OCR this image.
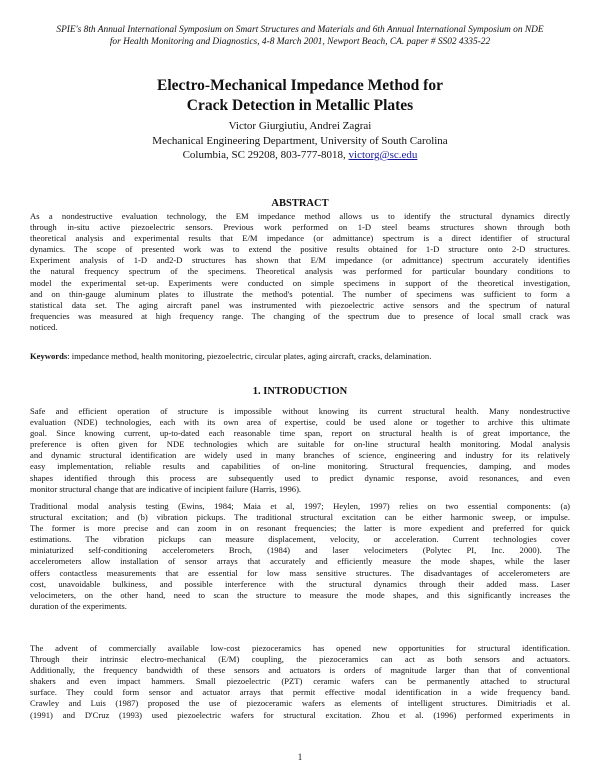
SPIE's 8th Annual International Symposium on Smart Structures and Materials and 6th Annual International Symposium on NDE
for Health Monitoring and Diagnostics, 4-8 March 2001, Newport Beach, CA. paper # SS02 4335-22
Electro-Mechanical Impedance Method for
Crack Detection in Metallic Plates
Victor Giurgiutiu, Andrei Zagrai
Mechanical Engineering Department, University of South Carolina
Columbia, SC 29208, 803-777-8018, victorg@sc.edu
ABSTRACT
As a nondestructive evaluation technology, the EM impedance method allows us to identify the structural dynamics directly
through in-situ active piezoelectric sensors. Previous work performed on 1-D steel beams structures shown through both
theoretical analysis and experimental results that E/M impedance (or admittance) spectrum is a direct identifier of structural
dynamics. The scope of presented work was to extend the positive results obtained for 1-D structure onto 2-D structures.
Experiment analysis of 1-D and2-D structures has shown that E/M impedance (or admittance) spectrum accurately identifies
the natural frequency spectrum of the specimens. Theoretical analysis was performed for particular boundary conditions to
model the experimental set-up. Experiments were conducted on simple specimens in support of the theoretical investigation,
and on thin-gauge aluminum plates to illustrate the method's potential. The number of specimens was sufficient to form a
statistical data set. The aging aircraft panel was instrumented with piezoelectric active sensors and the spectrum of natural
frequencies was measured at high frequency range. The changing of the spectrum due to presence of local small crack was
noticed.
Keywords: impedance method, health monitoring, piezoelectric, circular plates, aging aircraft, cracks, delamination.
1. INTRODUCTION
Safe and efficient operation of structure is impossible without knowing its current structural health. Many nondestructive
evaluation (NDE) technologies, each with its own area of expertise, could be used alone or together to archive this ultimate
goal. Since knowing current, up-to-dated each reasonable time span, report on structural health is of great importance, the
preference is often given for NDE technologies which are suitable for on-line structural health monitoring. Modal analysis
and dynamic structural identification are widely used in many branches of science, engineering and industry for its relatively
easy implementation, reliable results and capabilities of on-line monitoring. Structural frequencies, damping, and modes
shapes identified through this process are subsequently used to predict dynamic response, avoid resonances, and even
monitor structural change that are indicative of incipient failure (Harris, 1996).
Traditional modal analysis testing (Ewins, 1984; Maia et al, 1997; Heylen, 1997) relies on two essential components: (a)
structural excitation; and (b) vibration pickups. The traditional structural excitation can be either harmonic sweep, or impulse.
The former is more precise and can zoom in on resonant frequencies; the latter is more expedient and preferred for quick
estimations. The vibration pickups can measure displacement, velocity, or acceleration. Current technologies cover
miniaturized self-conditioning accelerometers Broch, (1984) and laser velocimeters (Polytec PI, Inc. 2000). The
accelerometers allow installation of sensor arrays that accurately and efficiently measure the mode shapes, while the laser
offers contactless measurements that are essential for low mass sensitive structures. The disadvantages of accelerometers are
cost, unavoidable bulkiness, and possible interference with the structural dynamics through their added mass. Laser
velocimeters, on the other hand, need to scan the structure to measure the mode shapes, and this significantly increases the
duration of the experiments.
The advent of commercially available low-cost piezoceramics has opened new opportunities for structural identification.
Through their intrinsic electro-mechanical (E/M) coupling, the piezoceramics can act as both sensors and actuators.
Additionally, the frequency bandwidth of these sensors and actuators is orders of magnitude larger than that of conventional
shakers and even impact hammers. Small piezoelectric (PZT) ceramic wafers can be permanently attached to structural
surface. They could form sensor and actuator arrays that permit effective modal identification in a wide frequency band.
Crawley and Luis (1987) proposed the use of piezoceramic wafers as elements of intelligent structures. Dimitriadis et al.
(1991) and D'Cruz (1993) used piezoelectric wafers for structural excitation. Zhou et al. (1996) performed experiments in
1
